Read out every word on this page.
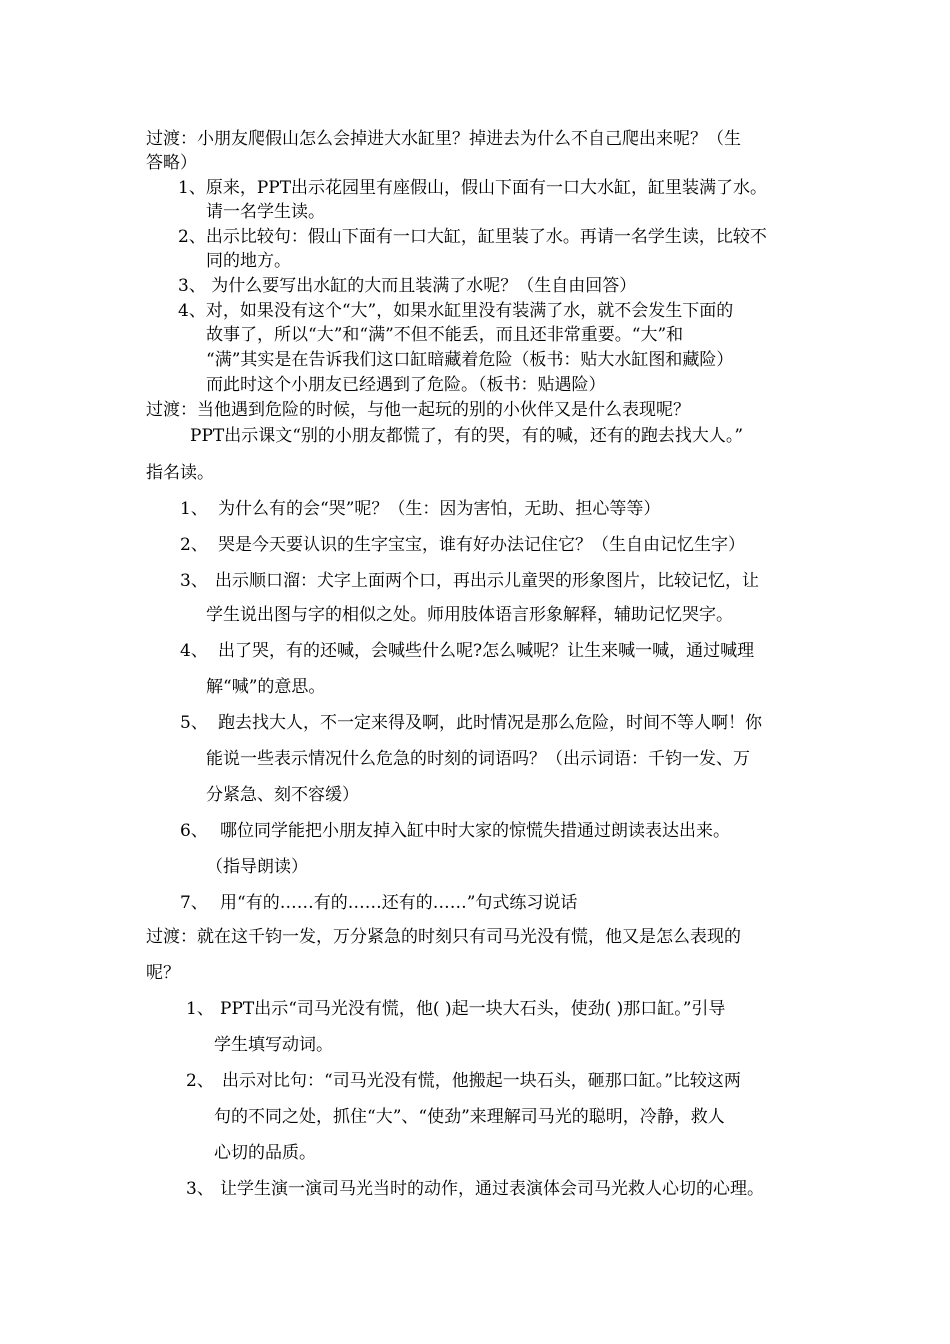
过渡：小朋友爬假山怎么会掉进大水缸里？掉进去为什么不自己爬出来呢？（生
答略）
1、原来，PPT出示花园里有座假山，假山下面有一口大水缸，缸里装满了水。
请一名学生读。
2、出示比较句：假山下面有一口大缸，缸里装了水。再请一名学生读，比较不
同的地方。
3、 为什么要写出水缸的大而且装满了水呢？（生自由回答）
4、对，如果没有这个“大”，如果水缸里没有装满了水，就不会发生下面的
故事了，所以“大”和“满”不但不能丢，而且还非常重要。“大”和
“满”其实是在告诉我们这口缸暗藏着危险（板书：贴大水缸图和藏险）
而此时这个小朋友已经遇到了危险。（板书：贴遇险）
过渡：当他遇到危险的时候，与他一起玩的别的小伙伴又是什么表现呢？
PPT出示课文“别的小朋友都慌了，有的哭，有的喊，还有的跑去找大人。”
指名读。
1、 为什么有的会“哭”呢？（生：因为害怕，无助、担心等等）
2、 哭是今天要认识的生字宝宝，谁有好办法记住它？（生自由记忆生字）
3、 出示顺口溜：犬字上面两个口，再出示儿童哭的形象图片，比较记忆，让
学生说出图与字的相似之处。师用肢体语言形象解释，辅助记忆哭字。
4、 出了哭，有的还喊，会喊些什么呢?怎么喊呢？让生来喊一喊，通过喊理
解“喊”的意思。
5、 跑去找大人，不一定来得及啊，此时情况是那么危险，时间不等人啊！你
能说一些表示情况什么危急的时刻的词语吗？（出示词语：千钧一发、万
分紧急、刻不容缓）
6、 哪位同学能把小朋友掉入缸中时大家的惊慌失措通过朗读表达出来。
（指导朗读）
7、 用“有的……有的……还有的……”句式练习说话
过渡：就在这千钧一发，万分紧急的时刻只有司马光没有慌，他又是怎么表现的
呢？
1、 PPT出示“司马光没有慌，他( )起一块大石头，使劲( )那口缸。”引导
学生填写动词。
2、 出示对比句：“司马光没有慌，他搬起一块石头，砸那口缸。”比较这两
句的不同之处，抓住“大”、“使劲”来理解司马光的聪明，冷静，救人
心切的品质。
3、 让学生演一演司马光当时的动作，通过表演体会司马光救人心切的心理。
